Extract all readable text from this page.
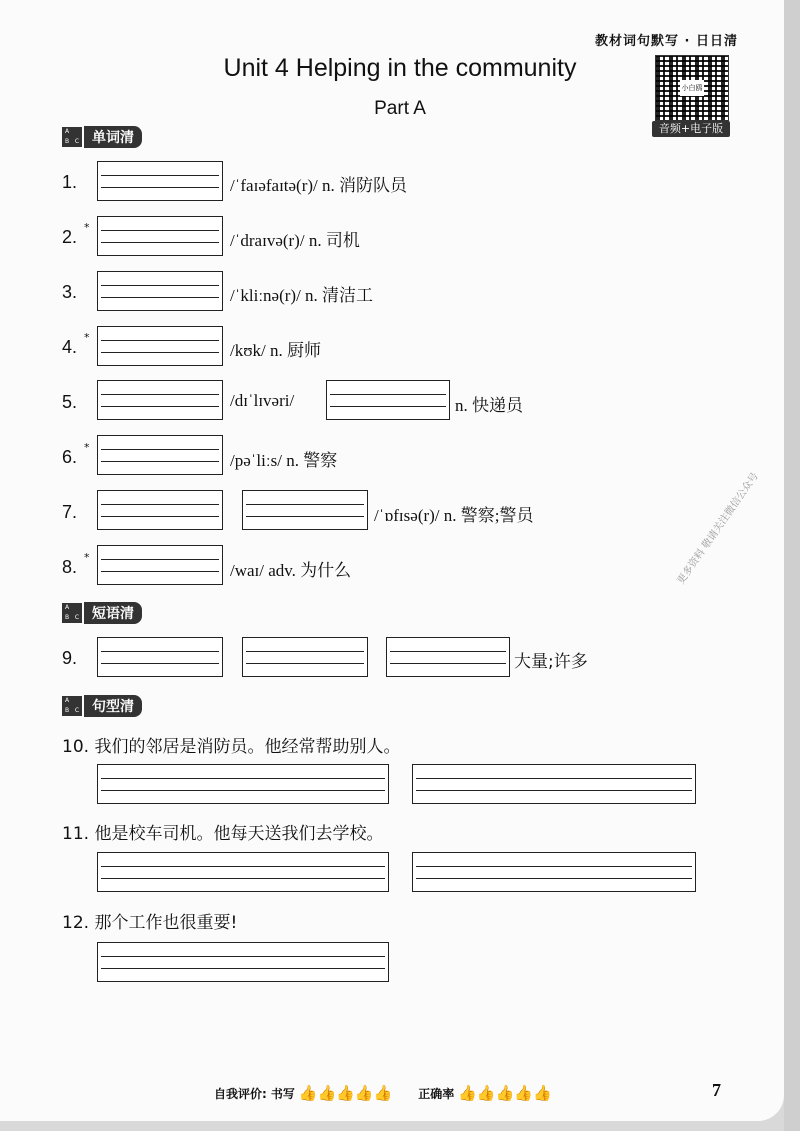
教材词句默写 · 日日清
Unit 4 Helping in the community
Part A
小白鸥
音频+电子版
A
B C 单词清
1.	/ˈfaɪəfaɪtə(r)/ n. 消防队员
2. *
/ˈdraɪvə(r)/ n. 司机
3.	/ˈkliːnə(r)/ n. 清洁工
4. *
/kʊk/ n. 厨师
5.	/dɪˈlɪvəri/	n. 快递员
6. *
/pəˈliːs/ n. 警察
7.	/ˈɒfɪsə(r)/ n. 警察;警员
8. *
/waɪ/ adv. 为什么
A
B C 短语清
9.	大量;许多
A
B C 句型清
10. 我们的邻居是消防员。他经常帮助别人。
11. 他是校车司机。他每天送我们去学校。
12. 那个工作也很重要!
更多资料 敬请关注微信公众号
自我评价: 书写 👍👍👍👍👍 正确率 👍👍👍👍👍	7
